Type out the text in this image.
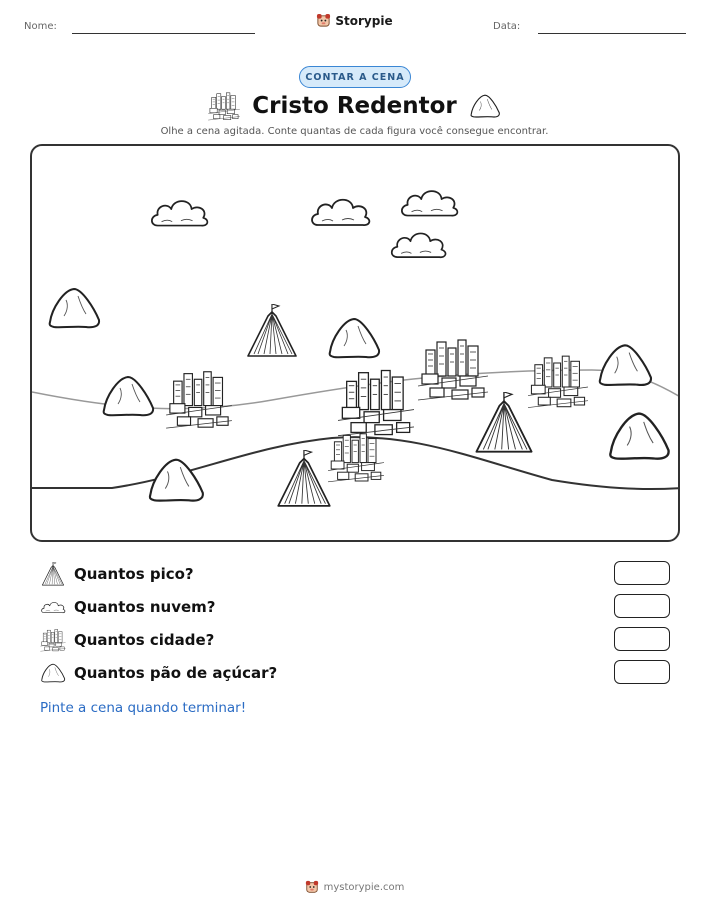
Nome:	Storypie	Data:
CONTAR A CENA
Cristo Redentor
Olhe a cena agitada. Conte quantas de cada figura você consegue encontrar.
Quantos pico?
Quantos nuvem?
Quantos cidade?
Quantos pão de açúcar?
Pinte a cena quando terminar!
mystorypie.com
